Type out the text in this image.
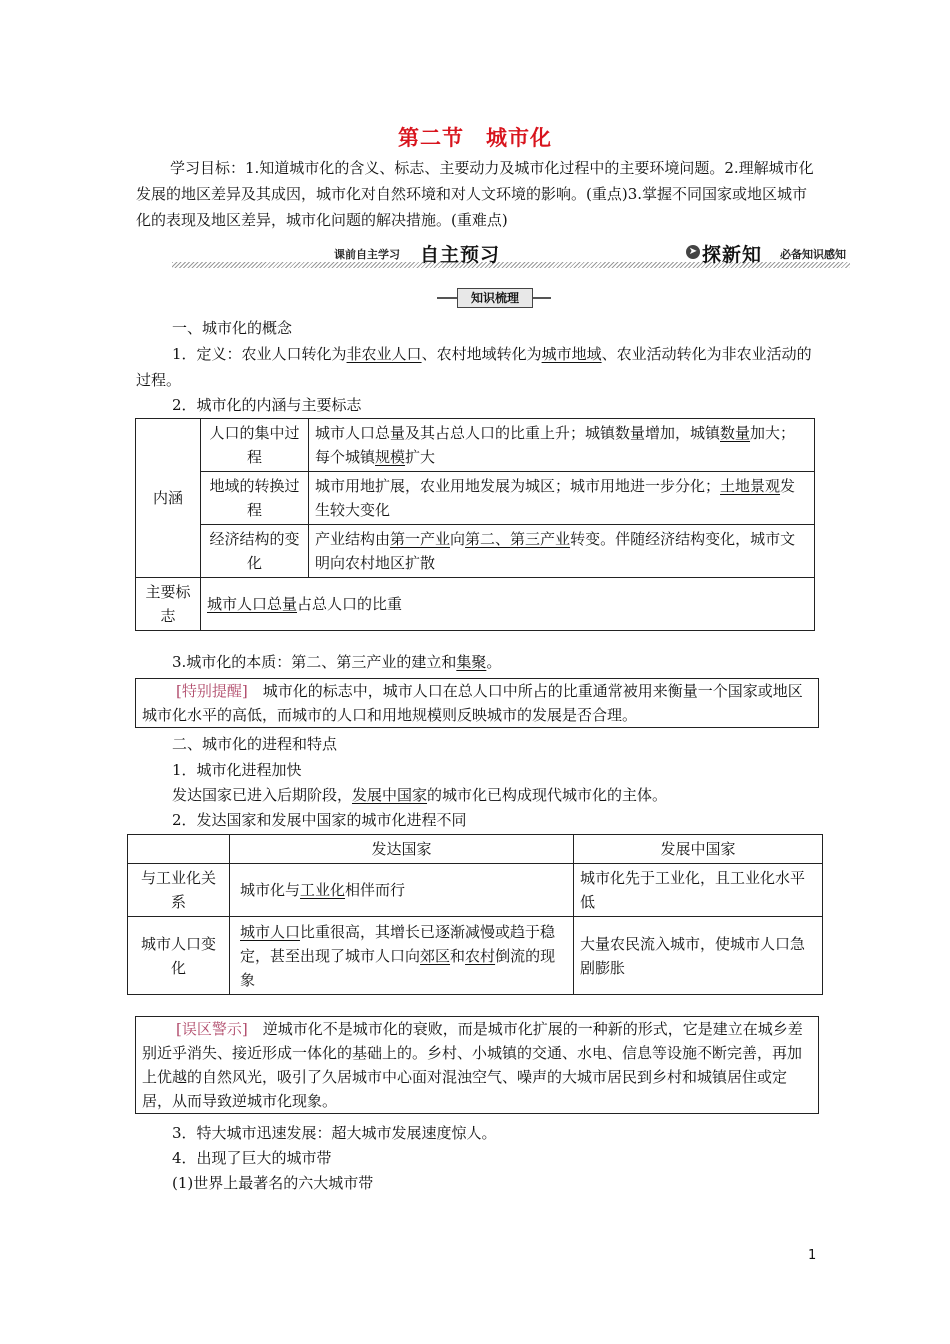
第二节　城市化
学习目标：1.知道城市化的含义、标志、主要动力及城市化过程中的主要环境问题。2.理解城市化发展的地区差异及其成因，城市化对自然环境和对人文环境的影响。(重点)3.掌握不同国家或地区城市化的表现及地区差异，城市化问题的解决措施。(重难点)
课前自主学习 自主预习	➤ 探新知 必备知识感知
知识梳理
一、城市化的概念
1．定义：农业人口转化为非农业人口、农村地域转化为城市地域、农业活动转化为非农业活动的过程。
2．城市化的内涵与主要标志
内涵	人口的集中过程	城市人口总量及其占总人口的比重上升；城镇数量增加，城镇数量加大；每个城镇规模扩大
	地域的转换过程	城市用地扩展，农业用地发展为城区；城市用地进一步分化；土地景观发生较大变化
	经济结构的变化	产业结构由第一产业向第二、第三产业转变。伴随经济结构变化，城市文明向农村地区扩散
主要标志	城市人口总量占总人口的比重	
3.城市化的本质：第二、第三产业的建立和集聚。
[特别提醒]　城市化的标志中，城市人口在总人口中所占的比重通常被用来衡量一个国家或地区城市化水平的高低，而城市的人口和用地规模则反映城市的发展是否合理。
二、城市化的进程和特点
1．城市化进程加快
发达国家已进入后期阶段，发展中国家的城市化已构成现代城市化的主体。
2．发达国家和发展中国家的城市化进程不同
	发达国家	发展中国家
与工业化关系	城市化与工业化相伴而行	城市化先于工业化，且工业化水平低
城市人口变化	城市人口比重很高，其增长已逐渐减慢或趋于稳定，甚至出现了城市人口向郊区和农村倒流的现象	大量农民流入城市，使城市人口急剧膨胀
[误区警示]　逆城市化不是城市化的衰败，而是城市化扩展的一种新的形式，它是建立在城乡差别近乎消失、接近形成一体化的基础上的。乡村、小城镇的交通、水电、信息等设施不断完善，再加上优越的自然风光，吸引了久居城市中心面对混浊空气、噪声的大城市居民到乡村和城镇居住或定居，从而导致逆城市化现象。
3．特大城市迅速发展：超大城市发展速度惊人。
4．出现了巨大的城市带
(1)世界上最著名的六大城市带
1
